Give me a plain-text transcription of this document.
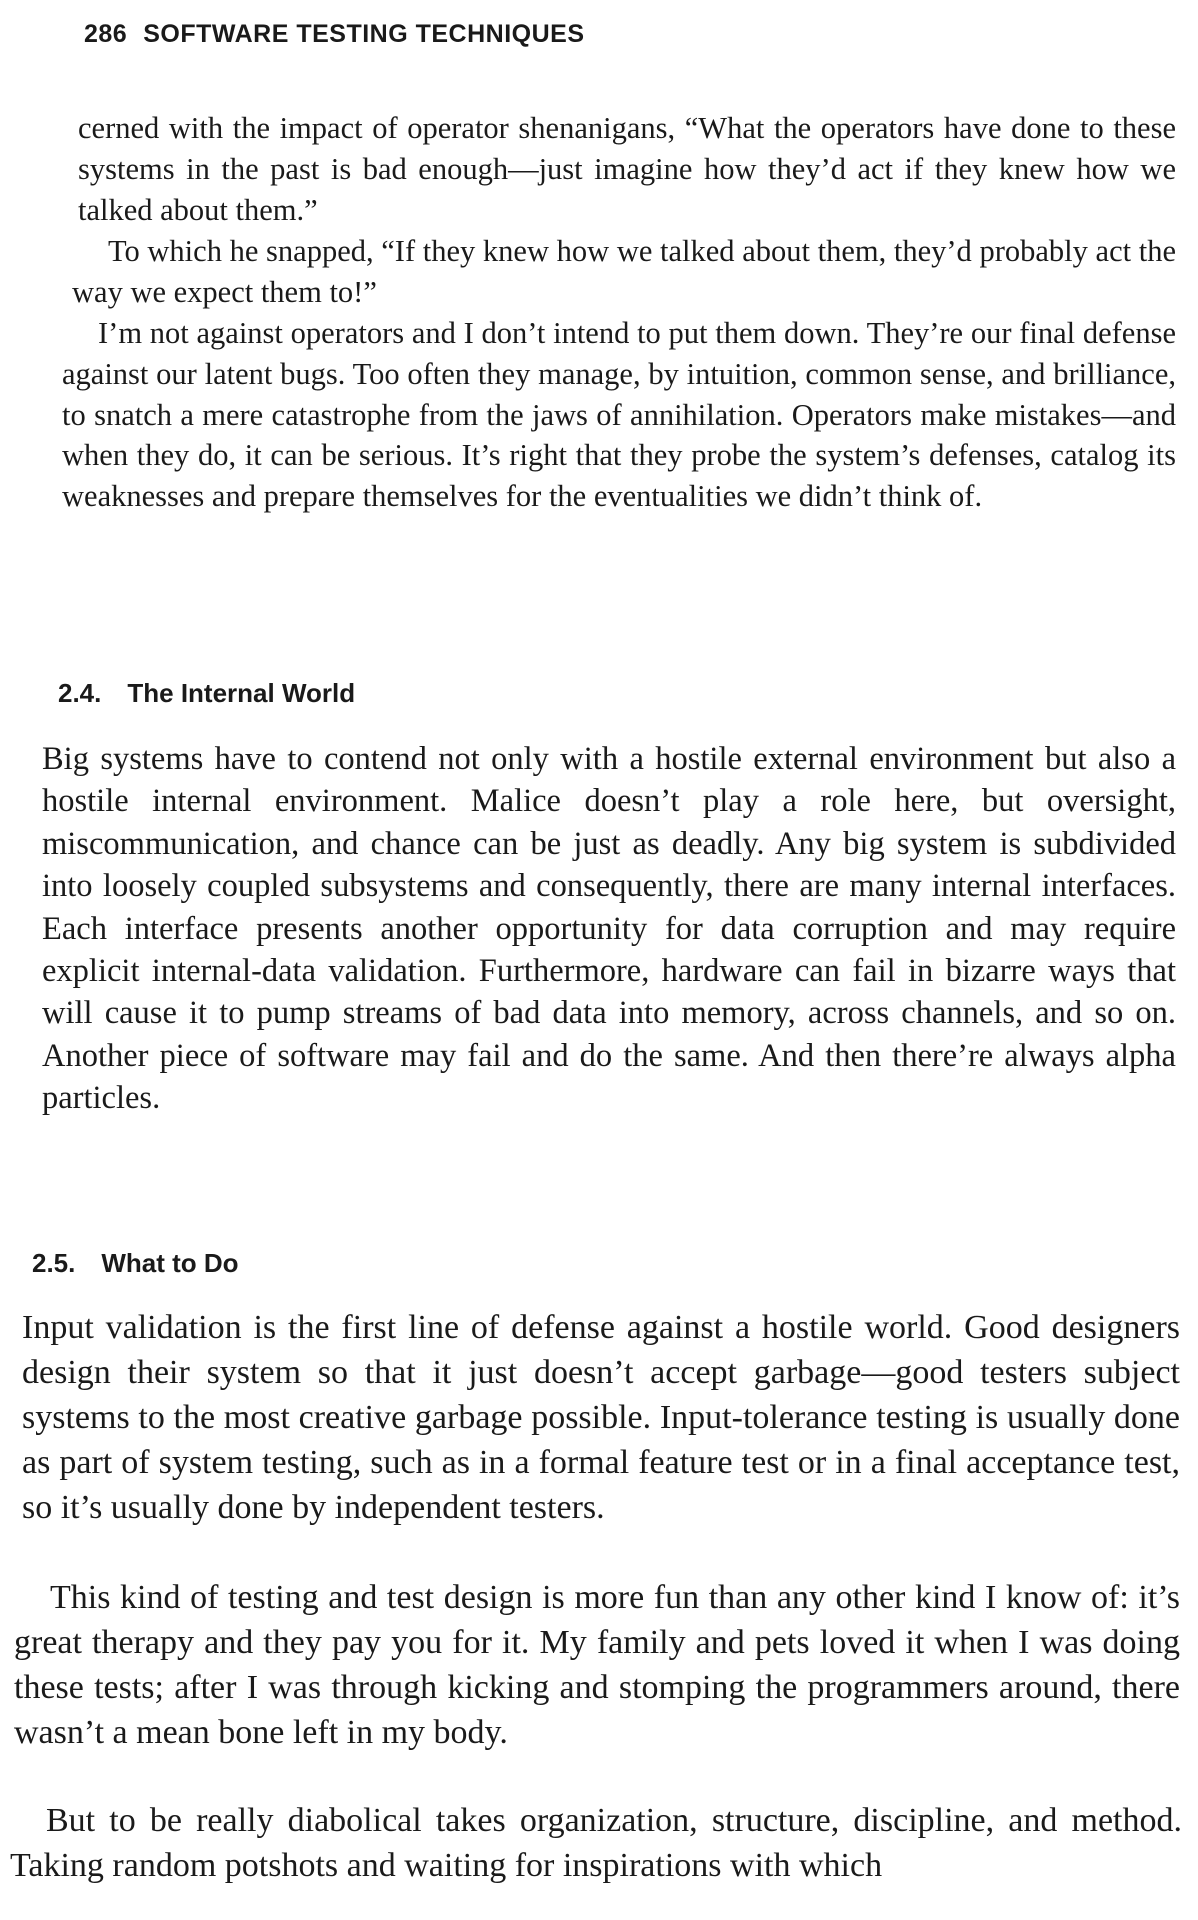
286 SOFTWARE TESTING TECHNIQUES

cerned with the impact of operator shenanigans, “What the operators have done to these systems in the past is bad enough—just imagine how they’d act if they knew how we talked about them.”

To which he snapped, “If they knew how we talked about them, they’d probably act the way we expect them to!”

I’m not against operators and I don’t intend to put them down. They’re our final defense against our latent bugs. Too often they manage, by intuition, common sense, and brilliance, to snatch a mere catastrophe from the jaws of annihilation. Operators make mistakes—and when they do, it can be serious. It’s right that they probe the system’s defenses, catalog its weaknesses and prepare themselves for the eventualities we didn’t think of.

2.4. The Internal World

Big systems have to contend not only with a hostile external environment but also a hostile internal environment. Malice doesn’t play a role here, but oversight, miscommunication, and chance can be just as deadly. Any big system is subdivided into loosely coupled subsystems and consequently, there are many internal interfaces. Each interface presents another opportunity for data corruption and may require explicit internal-data validation. Furthermore, hardware can fail in bizarre ways that will cause it to pump streams of bad data into memory, across channels, and so on. Another piece of software may fail and do the same. And then there’re always alpha particles.

2.5. What to Do

Input validation is the first line of defense against a hostile world. Good designers design their system so that it just doesn’t accept garbage—good testers subject systems to the most creative garbage possible. Input-tolerance testing is usually done as part of system testing, such as in a formal feature test or in a final acceptance test, so it’s usually done by independent testers.

This kind of testing and test design is more fun than any other kind I know of: it’s great therapy and they pay you for it. My family and pets loved it when I was doing these tests; after I was through kicking and stomping the programmers around, there wasn’t a mean bone left in my body.

But to be really diabolical takes organization, structure, discipline, and method. Taking random potshots and waiting for inspirations with which
